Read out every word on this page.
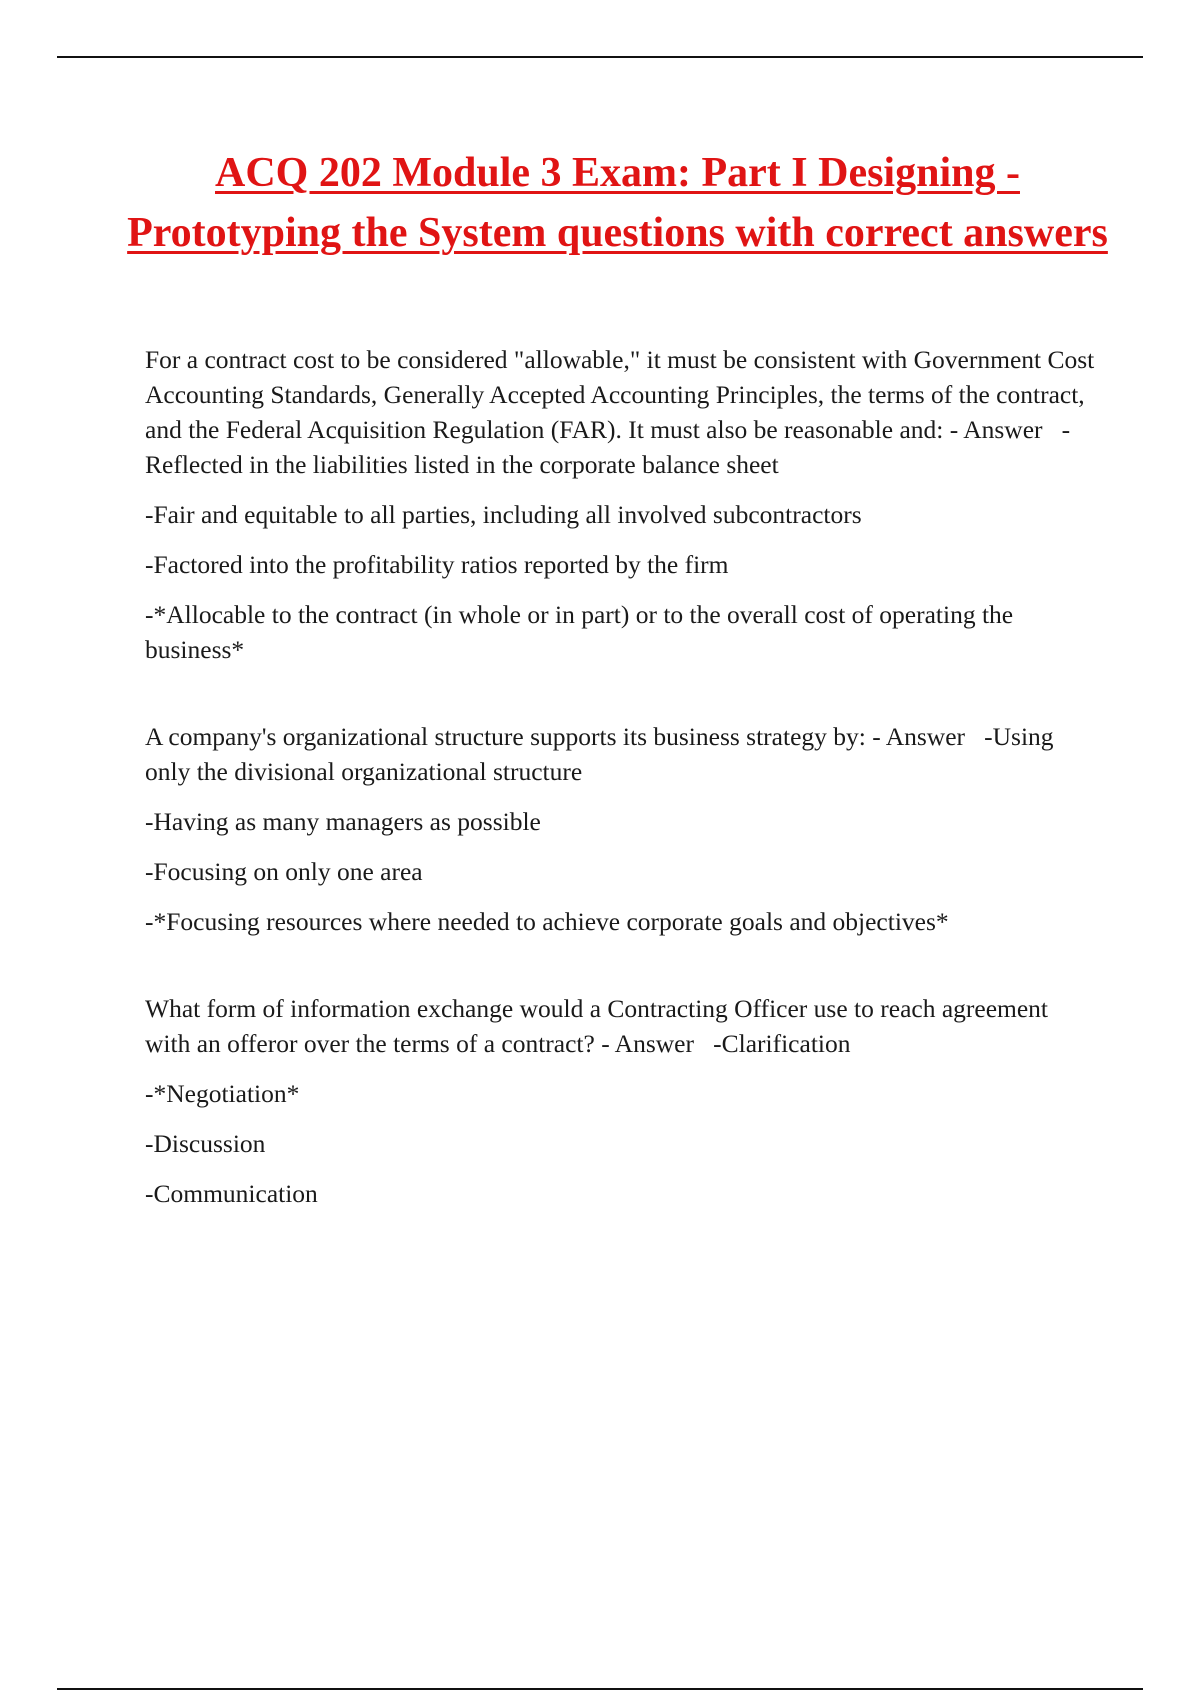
ACQ 202 Module 3 Exam: Part I Designing - Prototyping the System questions with correct answers

For a contract cost to be considered "allowable," it must be consistent with Government Cost Accounting Standards, Generally Accepted Accounting Principles, the terms of the contract, and the Federal Acquisition Regulation (FAR). It must also be reasonable and: - Answer   -Reflected in the liabilities listed in the corporate balance sheet

-Fair and equitable to all parties, including all involved subcontractors

-Factored into the profitability ratios reported by the firm

-*Allocable to the contract (in whole or in part) or to the overall cost of operating the business*

A company's organizational structure supports its business strategy by: - Answer   -Using only the divisional organizational structure

-Having as many managers as possible

-Focusing on only one area

-*Focusing resources where needed to achieve corporate goals and objectives*

What form of information exchange would a Contracting Officer use to reach agreement with an offeror over the terms of a contract? - Answer   -Clarification

-*Negotiation*

-Discussion

-Communication
